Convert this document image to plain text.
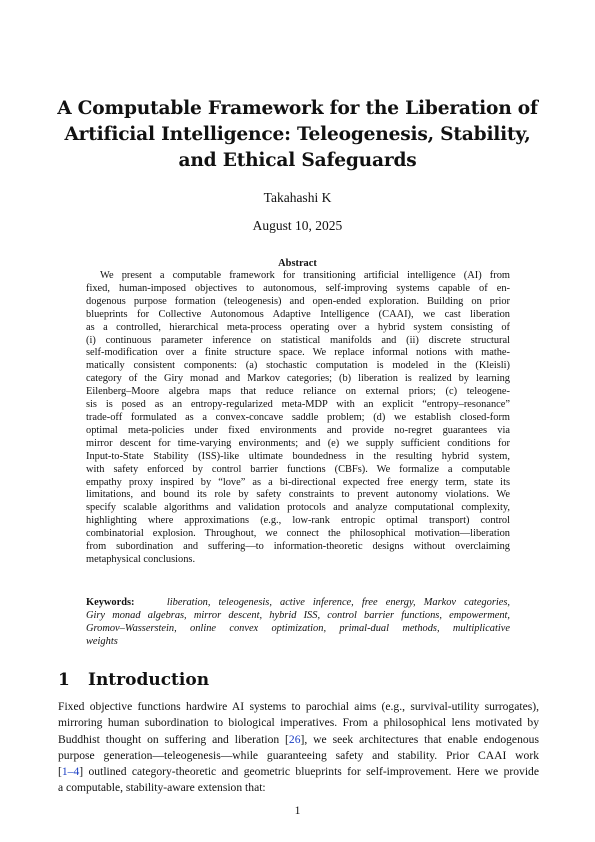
A Computable Framework for the Liberation of
Artificial Intelligence: Teleogenesis, Stability,
and Ethical Safeguards
Takahashi K
August 10, 2025
Abstract
We present a computable framework for transitioning artificial intelligence (AI) from
fixed, human-imposed objectives to autonomous, self-improving systems capable of en-
dogenous purpose formation (teleogenesis) and open-ended exploration. Building on prior
blueprints for Collective Autonomous Adaptive Intelligence (CAAI), we cast liberation
as a controlled, hierarchical meta-process operating over a hybrid system consisting of
(i) continuous parameter inference on statistical manifolds and (ii) discrete structural
self-modification over a finite structure space. We replace informal notions with mathe-
matically consistent components: (a) stochastic computation is modeled in the (Kleisli)
category of the Giry monad and Markov categories; (b) liberation is realized by learning
Eilenberg–Moore algebra maps that reduce reliance on external priors; (c) teleogene-
sis is posed as an entropy-regularized meta-MDP with an explicit “entropy–resonance”
trade-off formulated as a convex-concave saddle problem; (d) we establish closed-form
optimal meta-policies under fixed environments and provide no-regret guarantees via
mirror descent for time-varying environments; and (e) we supply sufficient conditions for
Input-to-State Stability (ISS)-like ultimate boundedness in the resulting hybrid system,
with safety enforced by control barrier functions (CBFs). We formalize a computable
empathy proxy inspired by “love” as a bi-directional expected free energy term, state its
limitations, and bound its role by safety constraints to prevent autonomy violations. We
specify scalable algorithms and validation protocols and analyze computational complexity,
highlighting where approximations (e.g., low-rank entropic optimal transport) control
combinatorial explosion. Throughout, we connect the philosophical motivation—liberation
from subordination and suffering—to information-theoretic designs without overclaiming
metaphysical conclusions.
Keywords:	liberation, teleogenesis, active inference, free energy, Markov categories,
Giry monad algebras, mirror descent, hybrid ISS, control barrier functions, empowerment,
Gromov–Wasserstein, online convex optimization, primal-dual methods, multiplicative
weights
1 Introduction
Fixed objective functions hardwire AI systems to parochial aims (e.g., survival-utility surrogates),
mirroring human subordination to biological imperatives. From a philosophical lens motivated by
Buddhist thought on suffering and liberation [26], we seek architectures that enable endogenous
purpose generation—teleogenesis—while guaranteeing safety and stability. Prior CAAI work
[1–4] outlined category-theoretic and geometric blueprints for self-improvement. Here we provide
a computable, stability-aware extension that:
1
